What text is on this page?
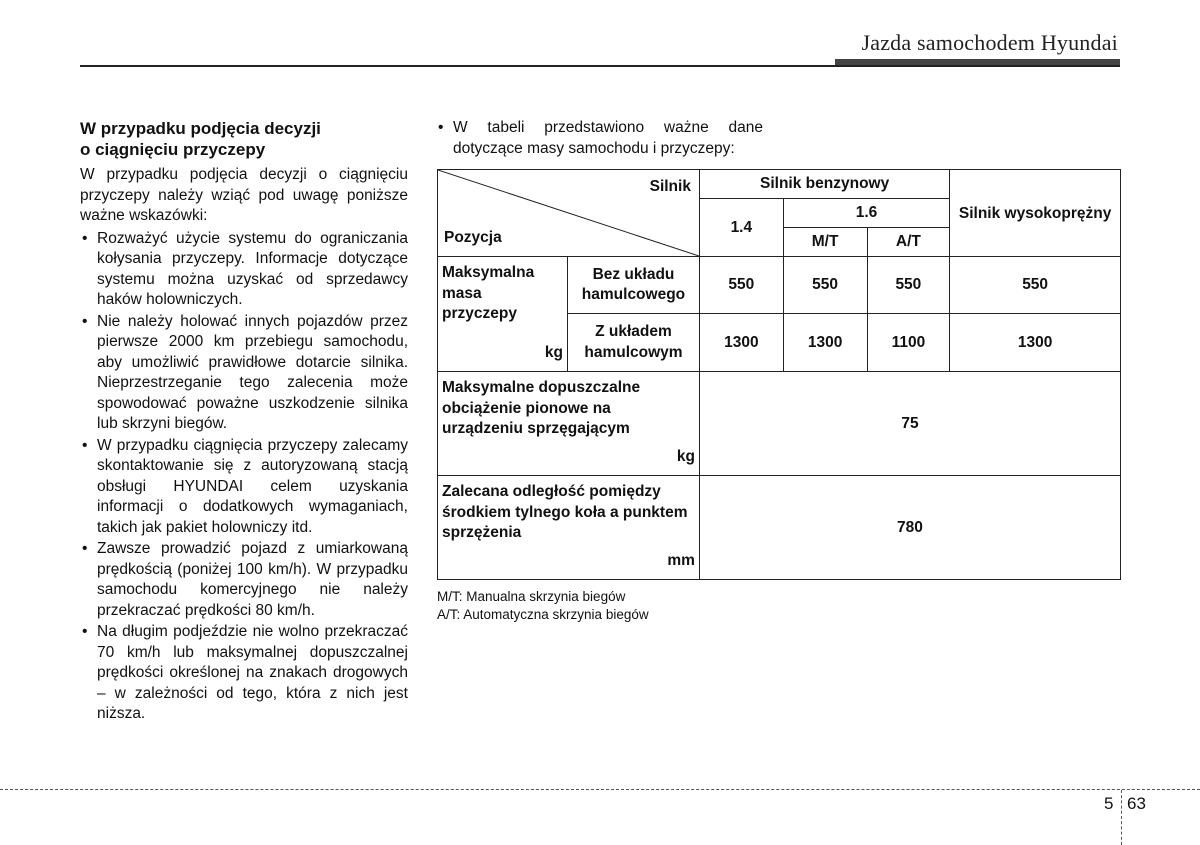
Jazda samochodem Hyundai
W przypadku podjęcia decyzji
o ciągnięciu przyczepy

W przypadku podjęcia decyzji o ciągnięciu przyczepy należy wziąć pod uwagę poniższe ważne wskazówki:

• Rozważyć użycie systemu do ograniczania kołysania przyczepy. Informacje dotyczące systemu można uzyskać od sprzedawcy haków holowniczych.
• Nie należy holować innych pojazdów przez pierwsze 2000 km przebiegu samochodu, aby umożliwić prawidłowe dotarcie silnika. Nieprzestrzeganie tego zalecenia może spowodować poważne uszkodzenie silnika lub skrzyni biegów.
• W przypadku ciągnięcia przyczepy zalecamy skontaktowanie się z autoryzowaną stacją obsługi HYUNDAI celem uzyskania informacji o dodatkowych wymaganiach, takich jak pakiet holowniczy itd.
• Zawsze prowadzić pojazd z umiarkowaną prędkością (poniżej 100 km/h). W przypadku samochodu komercyjnego nie należy przekraczać prędkości 80 km/h.
• Na długim podjeździe nie wolno przekraczać 70 km/h lub maksymalnej dopuszczalnej prędkości określonej na znakach drogowych – w zależności od tego, która z nich jest niższa.

• W tabeli przedstawiono ważne dane dotyczące masy samochodu i przyczepy:

Silnik
Pozycja		Silnik benzynowy			Silnik wysokoprężny
		1.4	1.6		
			M/T	A/T	

Maksymalna masa przyczepy
kg	Bez układu hamulcowego	550	550	550	550
	Z układem hamulcowym	1300	1300	1100	1300

Maksymalne dopuszczalne obciążenie pionowe na urządzeniu sprzęgającym
kg		75			

Zalecana odległość pomiędzy środkiem tylnego koła a punktem sprzężenia
mm		780			
M/T: Manualna skrzynia biegów
A/T: Automatyczna skrzynia biegów
5 63
